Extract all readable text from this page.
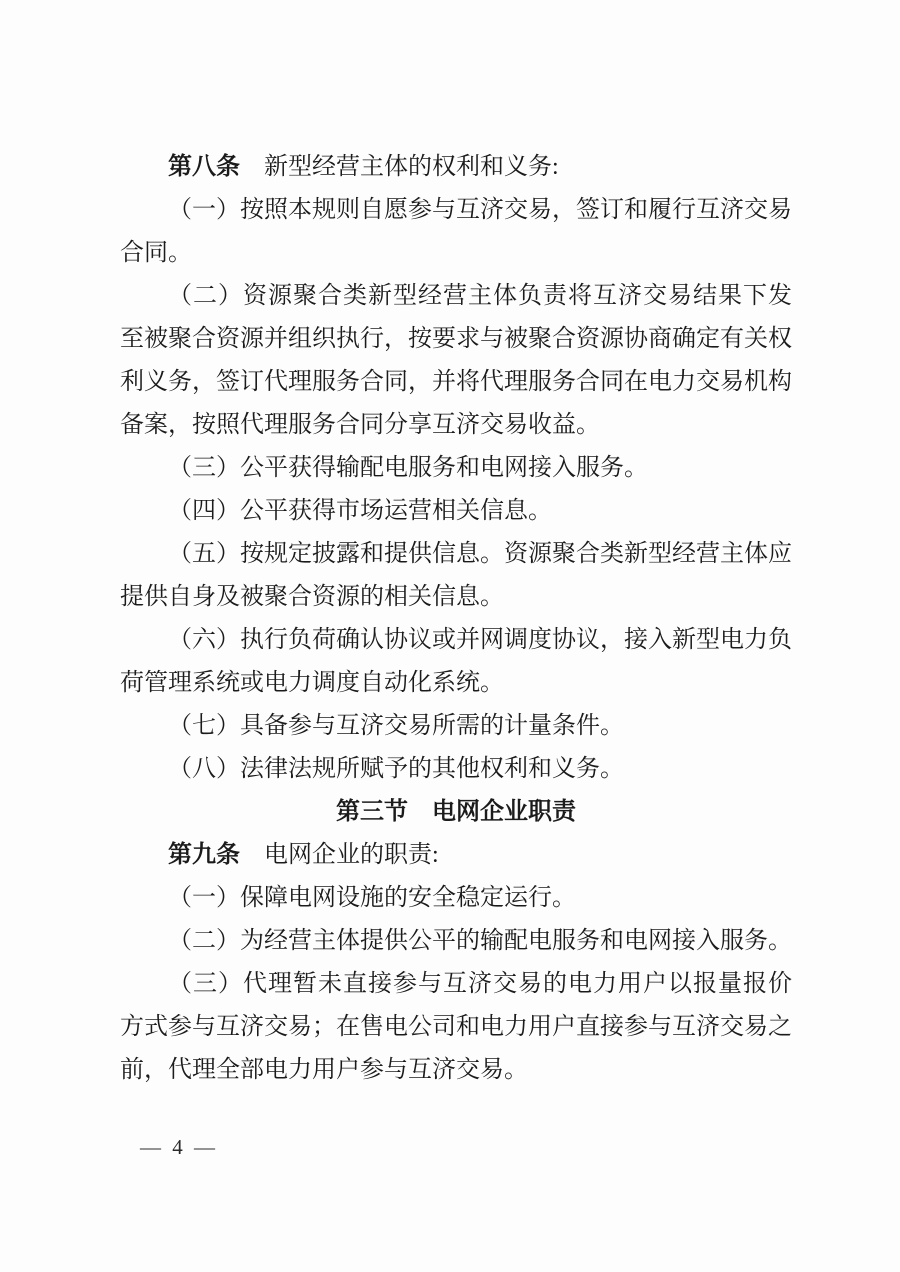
第八条　新型经营主体的权利和义务:
（一）按照本规则自愿参与互济交易，签订和履行互济交易
合同。
（二）资源聚合类新型经营主体负责将互济交易结果下发
至被聚合资源并组织执行，按要求与被聚合资源协商确定有关权
利义务，签订代理服务合同，并将代理服务合同在电力交易机构
备案，按照代理服务合同分享互济交易收益。
（三）公平获得输配电服务和电网接入服务。
（四）公平获得市场运营相关信息。
（五）按规定披露和提供信息。资源聚合类新型经营主体应
提供自身及被聚合资源的相关信息。
（六）执行负荷确认协议或并网调度协议，接入新型电力负
荷管理系统或电力调度自动化系统。
（七）具备参与互济交易所需的计量条件。
（八）法律法规所赋予的其他权利和义务。
第三节　电网企业职责
第九条　电网企业的职责:
（一）保障电网设施的安全稳定运行。
（二）为经营主体提供公平的输配电服务和电网接入服务。
（三）代理暂未直接参与互济交易的电力用户以报量报价
方式参与互济交易；在售电公司和电力用户直接参与互济交易之
前，代理全部电力用户参与互济交易。
— 4 —
